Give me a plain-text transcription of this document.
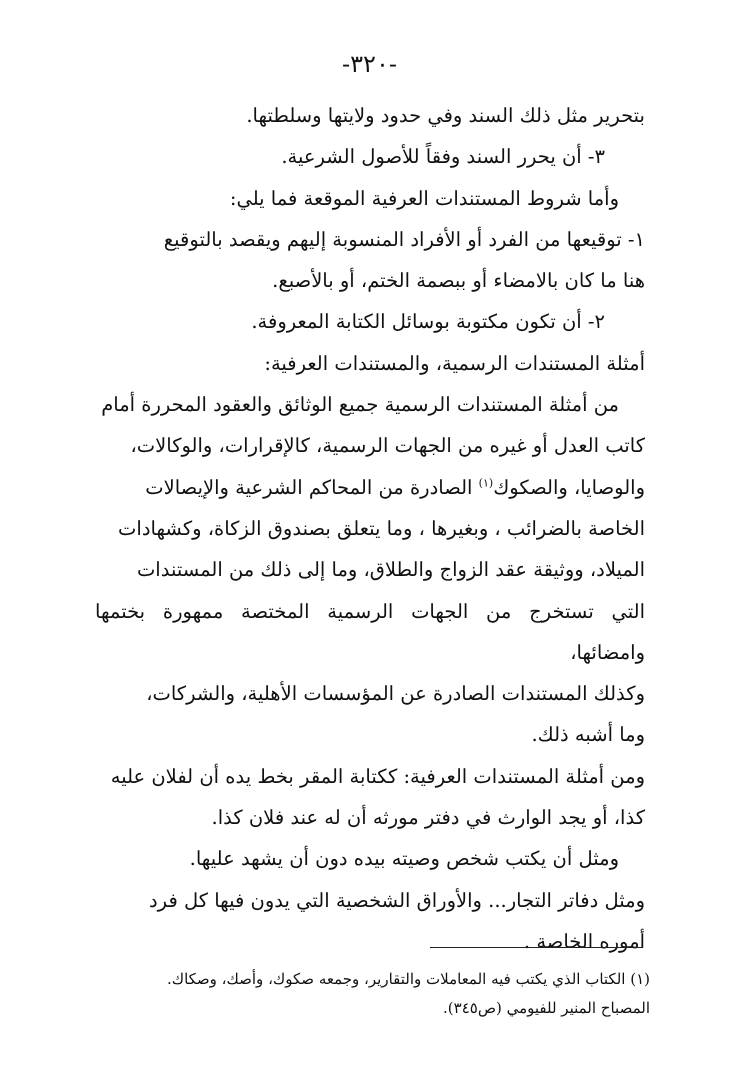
-٣٢٠-

بتحرير مثل ذلك السند وفي حدود ولايتها وسلطتها.

٣- أن يحرر السند وفقاً للأصول الشرعية.

وأما شروط المستندات العرفية الموقعة فما يلي:

١- توقيعها من الفرد أو الأفراد المنسوبة إليهم ويقصد بالتوقيع

هنا ما كان بالامضاء أو ببصمة الختم، أو بالأصبع.

٢- أن تكون مكتوبة بوسائل الكتابة المعروفة.

أمثلة المستندات الرسمية، والمستندات العرفية:

من أمثلة المستندات الرسمية جميع الوثائق والعقود المحررة أمام

كاتب العدل أو غيره من الجهات الرسمية، كالإقرارات، والوكالات،

والوصايا، والصكوك$^{(١)}$ الصادرة من المحاكم الشرعية والإيصالات

الخاصة بالضرائب ، وبغيرها ، وما يتعلق بصندوق الزكاة، وكشهادات

الميلاد، ووثيقة عقد الزواج والطلاق، وما إلى ذلك من المستندات

التي تستخرج من الجهات الرسمية المختصة ممهورة بختمها وامضائها،

وكذلك المستندات الصادرة عن المؤسسات الأهلية، والشركات،

وما أشبه ذلك.

ومن أمثلة المستندات العرفية: ككتابة المقر بخط يده أن لفلان عليه

كذا، أو يجد الوارث في دفتر مورثه أن له عند فلان كذا.

ومثل أن يكتب شخص وصيته بيده دون أن يشهد عليها.

ومثل دفاتر التجار... والأوراق الشخصية التي يدون فيها كل فرد

أموره الخاصة .

(١) الكتاب الذي يكتب فيه المعاملات والتقارير، وجمعه صكوك، وأصك، وصكاك.

المصباح المنير للفيومي (ص٣٤٥).
